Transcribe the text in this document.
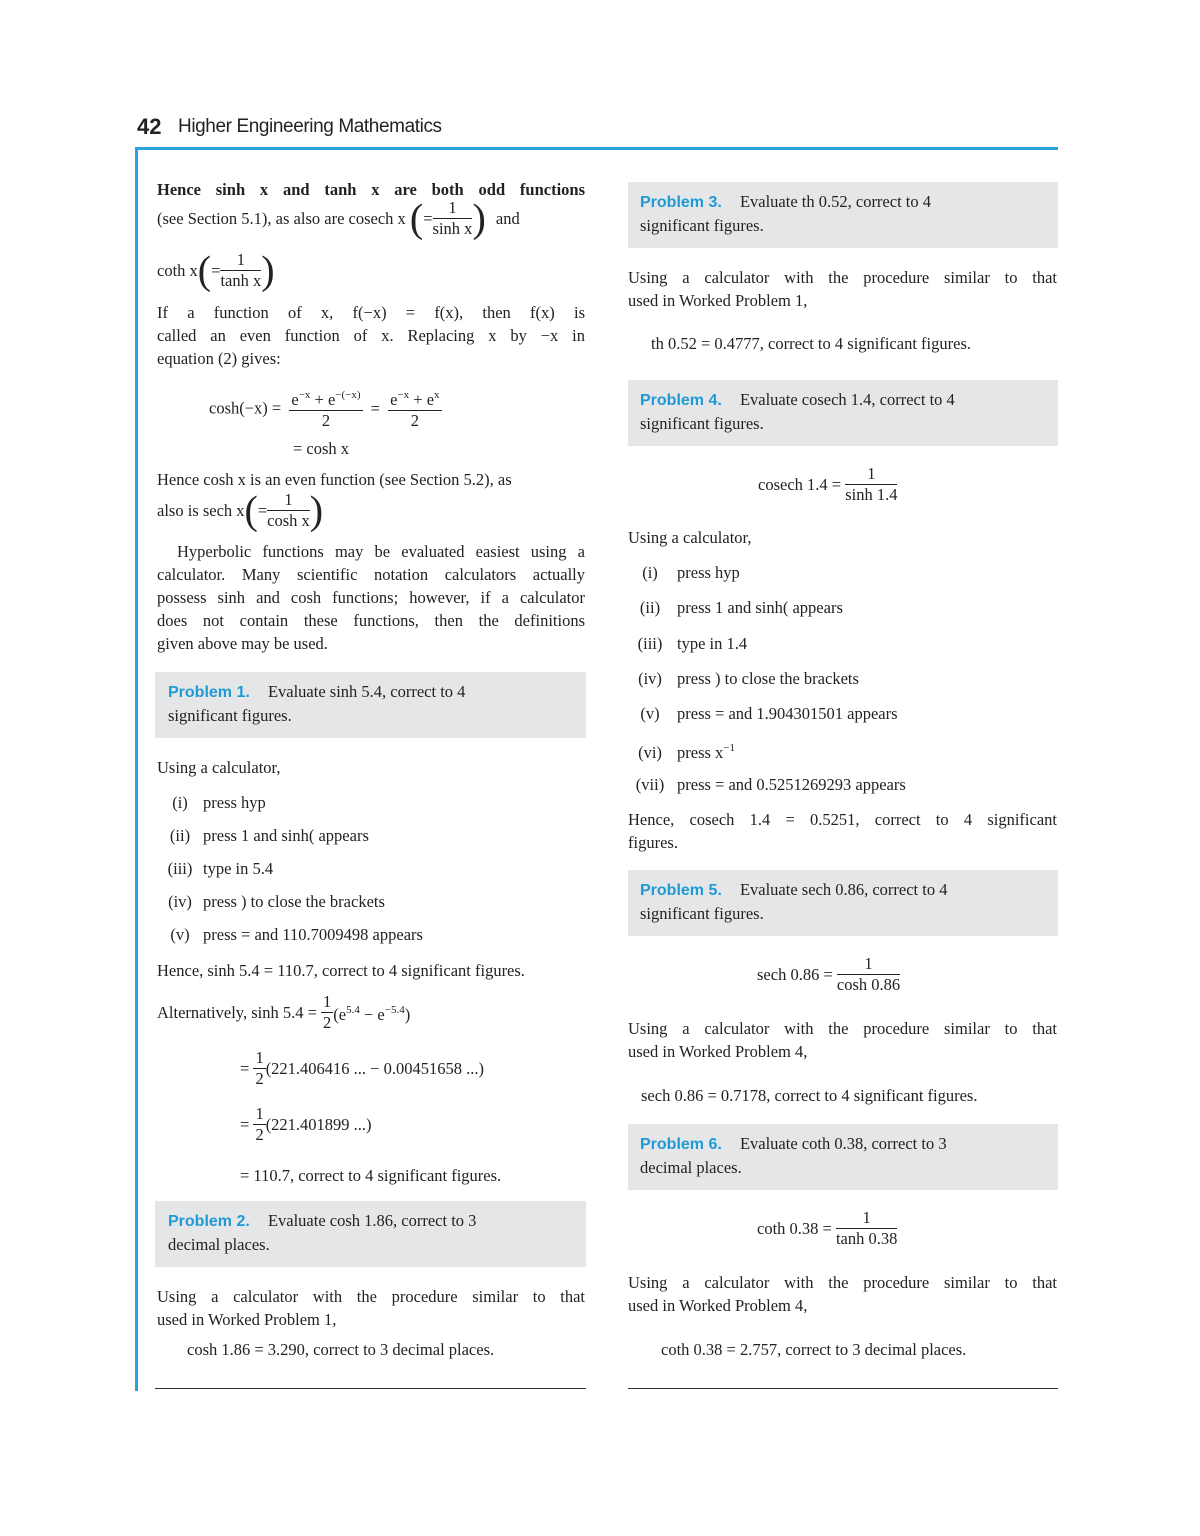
42 Higher Engineering Mathematics
Hence sinh x and tanh x are both odd functions
(see Section 5.1), as also are cosech x (= $\frac{1}{\text{sinh x}}$ ) and
coth $x(= \frac{1}{\text{tanh x}}$ )
If a function of x, f(−x) = f(x), then f(x) is
called an even function of x. Replacing x by −x in
equation (2) gives:
$\cosh(-x) = \frac{e^{-x} + e^{-(-x)}}{2} = \frac{e^{-x} + e^x}{2}$
= cosh x
Hence cosh x is an even function (see Section 5.2), as
also is sech $x(= \frac{1}{\text{cosh x}}$ )
Hyperbolic functions may be evaluated easiest using a
calculator. Many scientific notation calculators actually
possess sinh and cosh functions; however, if a calculator
does not contain these functions, then the definitions
given above may be used.
Problem 1. Evaluate sinh 5.4, correct to 4
significant figures.
Using a calculator,
(i) press hyp
(ii) press 1 and sinh( appears
(iii) type in 5.4
(iv) press ) to close the brackets
(v) press = and 110.7009498 appears
Hence, sinh 5.4 = 110.7, correct to 4 significant figures.
Alternatively, $\sinh 5.4 = \frac{1}{2} (e^{5.4} - e^{-5.4})$
= $\frac{1}{2} (221.406416$ ... − 0.00451658 ...)
= $\frac{1}{2} (221.401899$ ...)
= 110.7, correct to 4 significant figures.
Problem 2. Evaluate cosh 1.86, correct to 3
decimal places.
Using a calculator with the procedure similar to that
used in Worked Problem 1,
cosh 1.86 = 3.290, correct to 3 decimal places.
Problem 3. Evaluate th 0.52, correct to 4
significant figures.
Using a calculator with the procedure similar to that
used in Worked Problem 1,
th 0.52 = 0.4777, correct to 4 significant figures.
Problem 4. Evaluate cosech 1.4, correct to 4
significant figures.
cosech $1.4 = \frac{1}{\sinh 1.4}$
Using a calculator,
(i) press hyp
(ii) press 1 and sinh( appears
(iii) type in 1.4
(iv) press ) to close the brackets
(v) press = and 1.904301501 appears
(vi) press $x^{-1}$
(vii) press = and 0.5251269293 appears
Hence, cosech 1.4 = 0.5251, correct to 4 significant
figures.
Problem 5. Evaluate sech 0.86, correct to 4
significant figures.
sech $0.86 = \frac{1}{\cosh 0.86}$
Using a calculator with the procedure similar to that
used in Worked Problem 4,
sech 0.86 = 0.7178, correct to 4 significant figures.
Problem 6. Evaluate coth 0.38, correct to 3
decimal places.
coth $0.38 = \frac{1}{\tanh 0.38}$
Using a calculator with the procedure similar to that
used in Worked Problem 4,
coth 0.38 = 2.757, correct to 3 decimal places.
